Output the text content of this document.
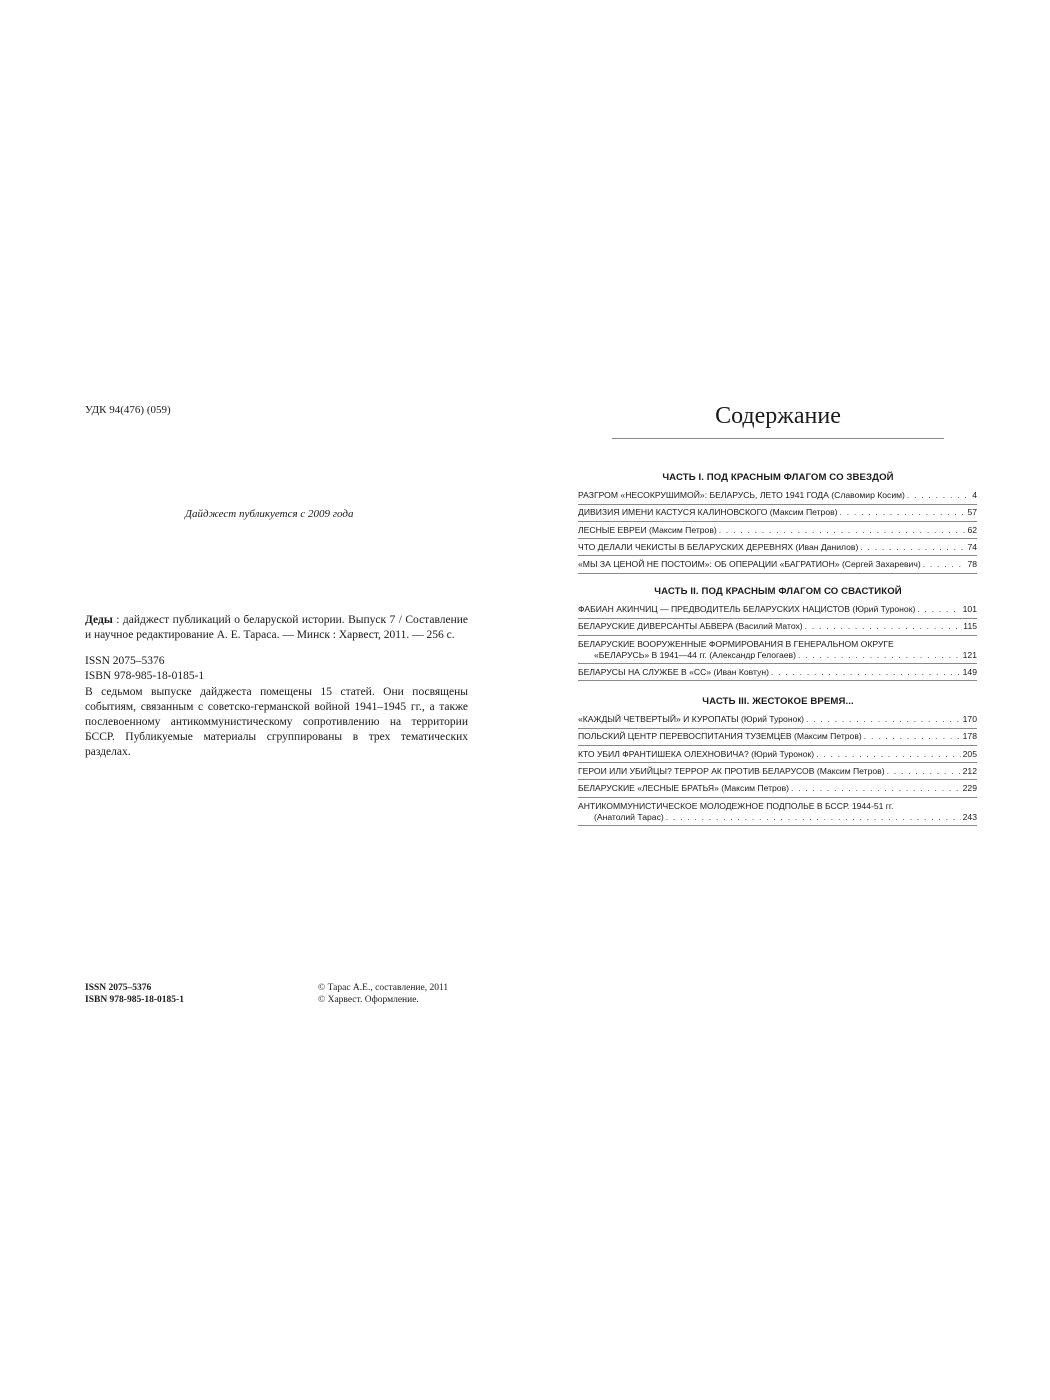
УДК 94(476) (059)
Дайджест публикуется с 2009 года
Деды : дайджест публикаций о беларуской истории. Выпуск 7 / Составление и научное редактирование А. Е. Тараса. — Минск : Харвест, 2011. — 256 с.
ISSN 2075–5376
ISBN 978-985-18-0185-1
В седьмом выпуске дайджеста помещены 15 статей. Они посвящены событиям, связанным с советско-германской войной 1941–1945 гг., а также послевоенному антикоммунистическому сопротивлению на территории БССР. Публикуемые материалы сгруппированы в трех тематических разделах.
ISSN 2075–5376
ISBN 978-985-18-0185-1
© Тарас А.Е., составление, 2011
© Харвест. Оформление.
Содержание
ЧАСТЬ I. ПОД КРАСНЫМ ФЛАГОМ СО ЗВЕЗДОЙ
РАЗГРОМ «НЕСОКРУШИМОЙ»: БЕЛАРУСЬ, ЛЕТО 1941 ГОДА (Славомир Косим) . . .	4
ДИВИЗИЯ ИМЕНИ КАСТУСЯ КАЛИНОВСКОГО (Максим Петров) . . .	57
ЛЕСНЫЕ ЕВРЕИ (Максим Петров) . . .	62
ЧТО ДЕЛАЛИ ЧЕКИСТЫ В БЕЛАРУСКИХ ДЕРЕВНЯХ (Иван Данилов) . . .	74
«МЫ ЗА ЦЕНОЙ НЕ ПОСТОИМ»: ОБ ОПЕРАЦИИ «БАГРАТИОН» (Сергей Захаревич) . . .	78
ЧАСТЬ II. ПОД КРАСНЫМ ФЛАГОМ СО СВАСТИКОЙ
ФАБИАН АКИНЧИЦ — ПРЕДВОДИТЕЛЬ БЕЛАРУСКИХ НАЦИСТОВ (Юрий Туронок) . . .	101
БЕЛАРУСКИЕ ДИВЕРСАНТЫ АБВЕРА (Василий Матох) . . .	115
БЕЛАРУСКИЕ ВООРУЖЕННЫЕ ФОРМИРОВАНИЯ В ГЕНЕРАЛЬНОМ ОКРУГЕ
«БЕЛАРУСЬ» В 1941—44 гг. (Александр Гелогаев) . . .	121
БЕЛАРУСЫ НА СЛУЖБЕ В «СС» (Иван Ковтун) . . .	149
ЧАСТЬ III. ЖЕСТОКОЕ ВРЕМЯ...
«КАЖДЫЙ ЧЕТВЕРТЫЙ» И КУРОПАТЫ (Юрий Туронок) . . .	170
ПОЛЬСКИЙ ЦЕНТР ПЕРЕВОСПИТАНИЯ ТУЗЕМЦЕВ (Максим Петров) . . .	178
КТО УБИЛ ФРАНТИШЕКА ОЛЕХНОВИЧА? (Юрий Туронок) . . .	205
ГЕРОИ ИЛИ УБИЙЦЫ? ТЕРРОР АК ПРОТИВ БЕЛАРУСОВ (Максим Петров) . . .	212
БЕЛАРУСКИЕ «ЛЕСНЫЕ БРАТЬЯ» (Максим Петров) . . .	229
АНТИКОММУНИСТИЧЕСКОЕ МОЛОДЕЖНОЕ ПОДПОЛЬЕ В БССР. 1944-51 гг.
(Анатолий Тарас) . . .	243
